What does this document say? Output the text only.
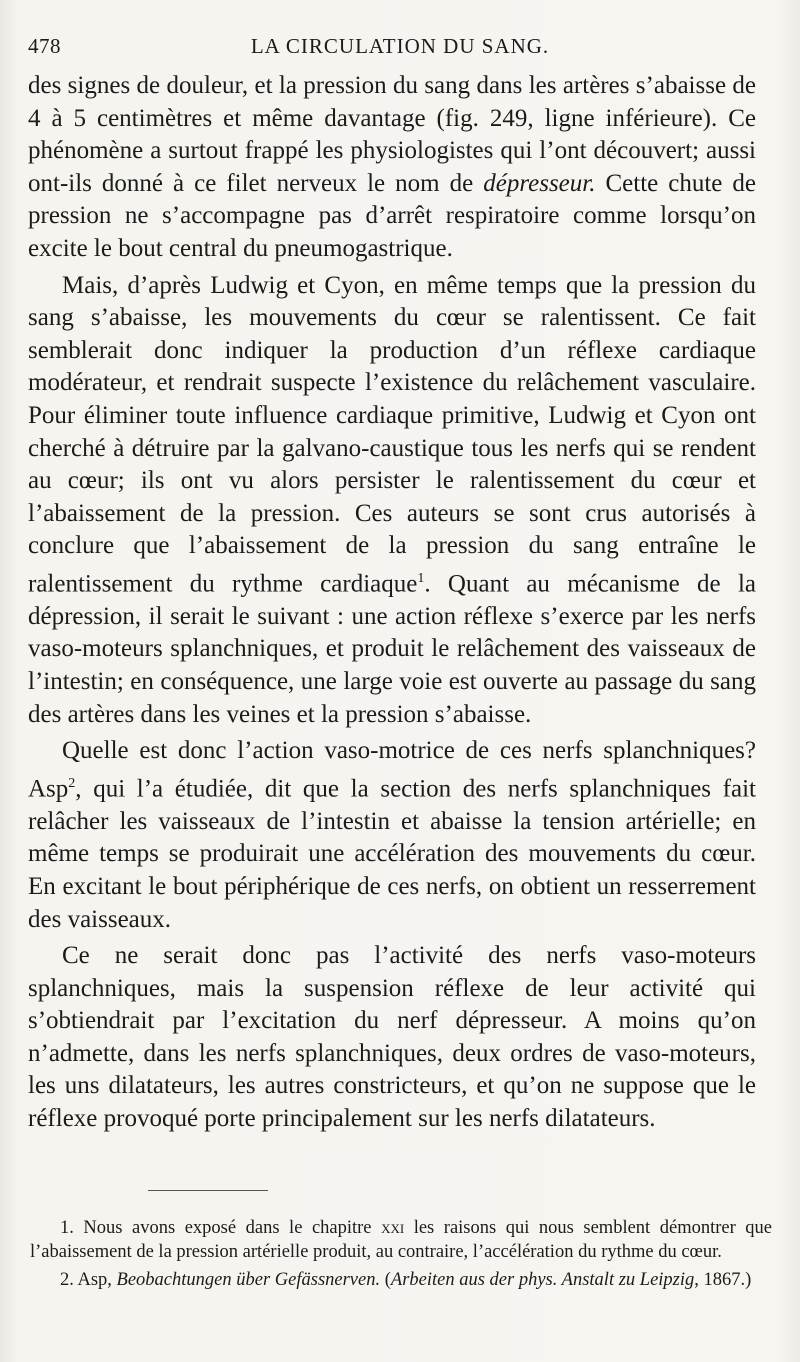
478	LA CIRCULATION DU SANG.

des signes de douleur, et la pression du sang dans les artères s’abaisse de 4 à 5 centimètres et même davantage (fig. 249, ligne inférieure). Ce phénomène a surtout frappé les physiologistes qui l’ont découvert; aussi ont-ils donné à ce filet nerveux le nom de dépresseur. Cette chute de pression ne s’accompagne pas d’arrêt respiratoire comme lorsqu’on excite le bout central du pneumogastrique.

Mais, d’après Ludwig et Cyon, en même temps que la pression du sang s’abaisse, les mouvements du cœur se ralentissent. Ce fait semblerait donc indiquer la production d’un réflexe cardiaque modérateur, et rendrait suspecte l’existence du relâchement vasculaire. Pour éliminer toute influence cardiaque primitive, Ludwig et Cyon ont cherché à détruire par la galvano-caustique tous les nerfs qui se rendent au cœur; ils ont vu alors persister le ralentissement du cœur et l’abaissement de la pression. Ces auteurs se sont crus autorisés à conclure que l’abaissement de la pression du sang entraîne le ralentissement du rythme cardiaque$^1$. Quant au mécanisme de la dépression, il serait le suivant : une action réflexe s’exerce par les nerfs vaso-moteurs splanchniques, et produit le relâchement des vaisseaux de l’intestin; en conséquence, une large voie est ouverte au passage du sang des artères dans les veines et la pression s’abaisse.

Quelle est donc l’action vaso-motrice de ces nerfs splanchniques? Asp$^2$, qui l’a étudiée, dit que la section des nerfs splanchniques fait relâcher les vaisseaux de l’intestin et abaisse la tension artérielle; en même temps se produirait une accélération des mouvements du cœur. En excitant le bout périphérique de ces nerfs, on obtient un resserrement des vaisseaux.

Ce ne serait donc pas l’activité des nerfs vaso-moteurs splanchniques, mais la suspension réflexe de leur activité qui s’obtiendrait par l’excitation du nerf dépresseur. A moins qu’on n’admette, dans les nerfs splanchniques, deux ordres de vaso-moteurs, les uns dilatateurs, les autres constricteurs, et qu’on ne suppose que le réflexe provoqué porte principalement sur les nerfs dilatateurs.

1. Nous avons exposé dans le chapitre xxi les raisons qui nous semblent démontrer que l’abaissement de la pression artérielle produit, au contraire, l’accélération du rythme du cœur.

2. Asp, Beobachtungen über Gefässnerven. (Arbeiten aus der phys. Anstalt zu Leipzig, 1867.)
